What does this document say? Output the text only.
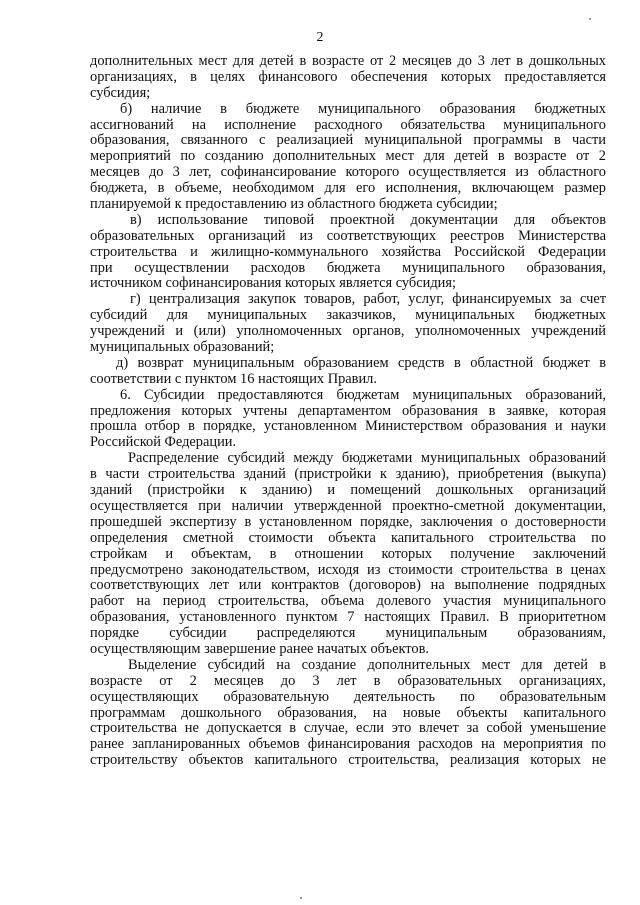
2
дополнительных мест для детей в возрасте от 2 месяцев до 3 лет в дошкольных
организациях, в целях финансового обеспечения которых предоставляется
субсидия;
б) наличие в бюджете муниципального образования бюджетных
ассигнований на исполнение расходного обязательства муниципального
образования, связанного с реализацией муниципальной программы в части
мероприятий по созданию дополнительных мест для детей в возрасте от 2
месяцев до 3 лет, софинансирование которого осуществляется из областного
бюджета, в объеме, необходимом для его исполнения, включающем размер
планируемой к предоставлению из областного бюджета субсидии;
в) использование типовой проектной документации для объектов
образовательных организаций из соответствующих реестров Министерства
строительства и жилищно-коммунального хозяйства Российской Федерации
при осуществлении расходов бюджета муниципального образования,
источником софинансирования которых является субсидия;
г) централизация закупок товаров, работ, услуг, финансируемых за счет
субсидий для муниципальных заказчиков, муниципальных бюджетных
учреждений и (или) уполномоченных органов, уполномоченных учреждений
муниципальных образований;
д) возврат муниципальным образованием средств в областной бюджет в
соответствии с пунктом 16 настоящих Правил.
6. Субсидии предоставляются бюджетам муниципальных образований,
предложения которых учтены департаментом образования в заявке, которая
прошла отбор в порядке, установленном Министерством образования и науки
Российской Федерации.
Распределение субсидий между бюджетами муниципальных образований
в части строительства зданий (пристройки к зданию), приобретения (выкупа)
зданий (пристройки к зданию) и помещений дошкольных организаций
осуществляется при наличии утвержденной проектно-сметной документации,
прошедшей экспертизу в установленном порядке, заключения о достоверности
определения сметной стоимости объекта капитального строительства по
стройкам и объектам, в отношении которых получение заключений
предусмотрено законодательством, исходя из стоимости строительства в ценах
соответствующих лет или контрактов (договоров) на выполнение подрядных
работ на период строительства, объема долевого участия муниципального
образования, установленного пунктом 7 настоящих Правил. В приоритетном
порядке субсидии распределяются муниципальным образованиям,
осуществляющим завершение ранее начатых объектов.
Выделение субсидий на создание дополнительных мест для детей в
возрасте от 2 месяцев до 3 лет в образовательных организациях,
осуществляющих образовательную деятельность по образовательным
программам дошкольного образования, на новые объекты капитального
строительства не допускается в случае, если это влечет за собой уменьшение
ранее запланированных объемов финансирования расходов на мероприятия по
строительству объектов капитального строительства, реализация которых не
